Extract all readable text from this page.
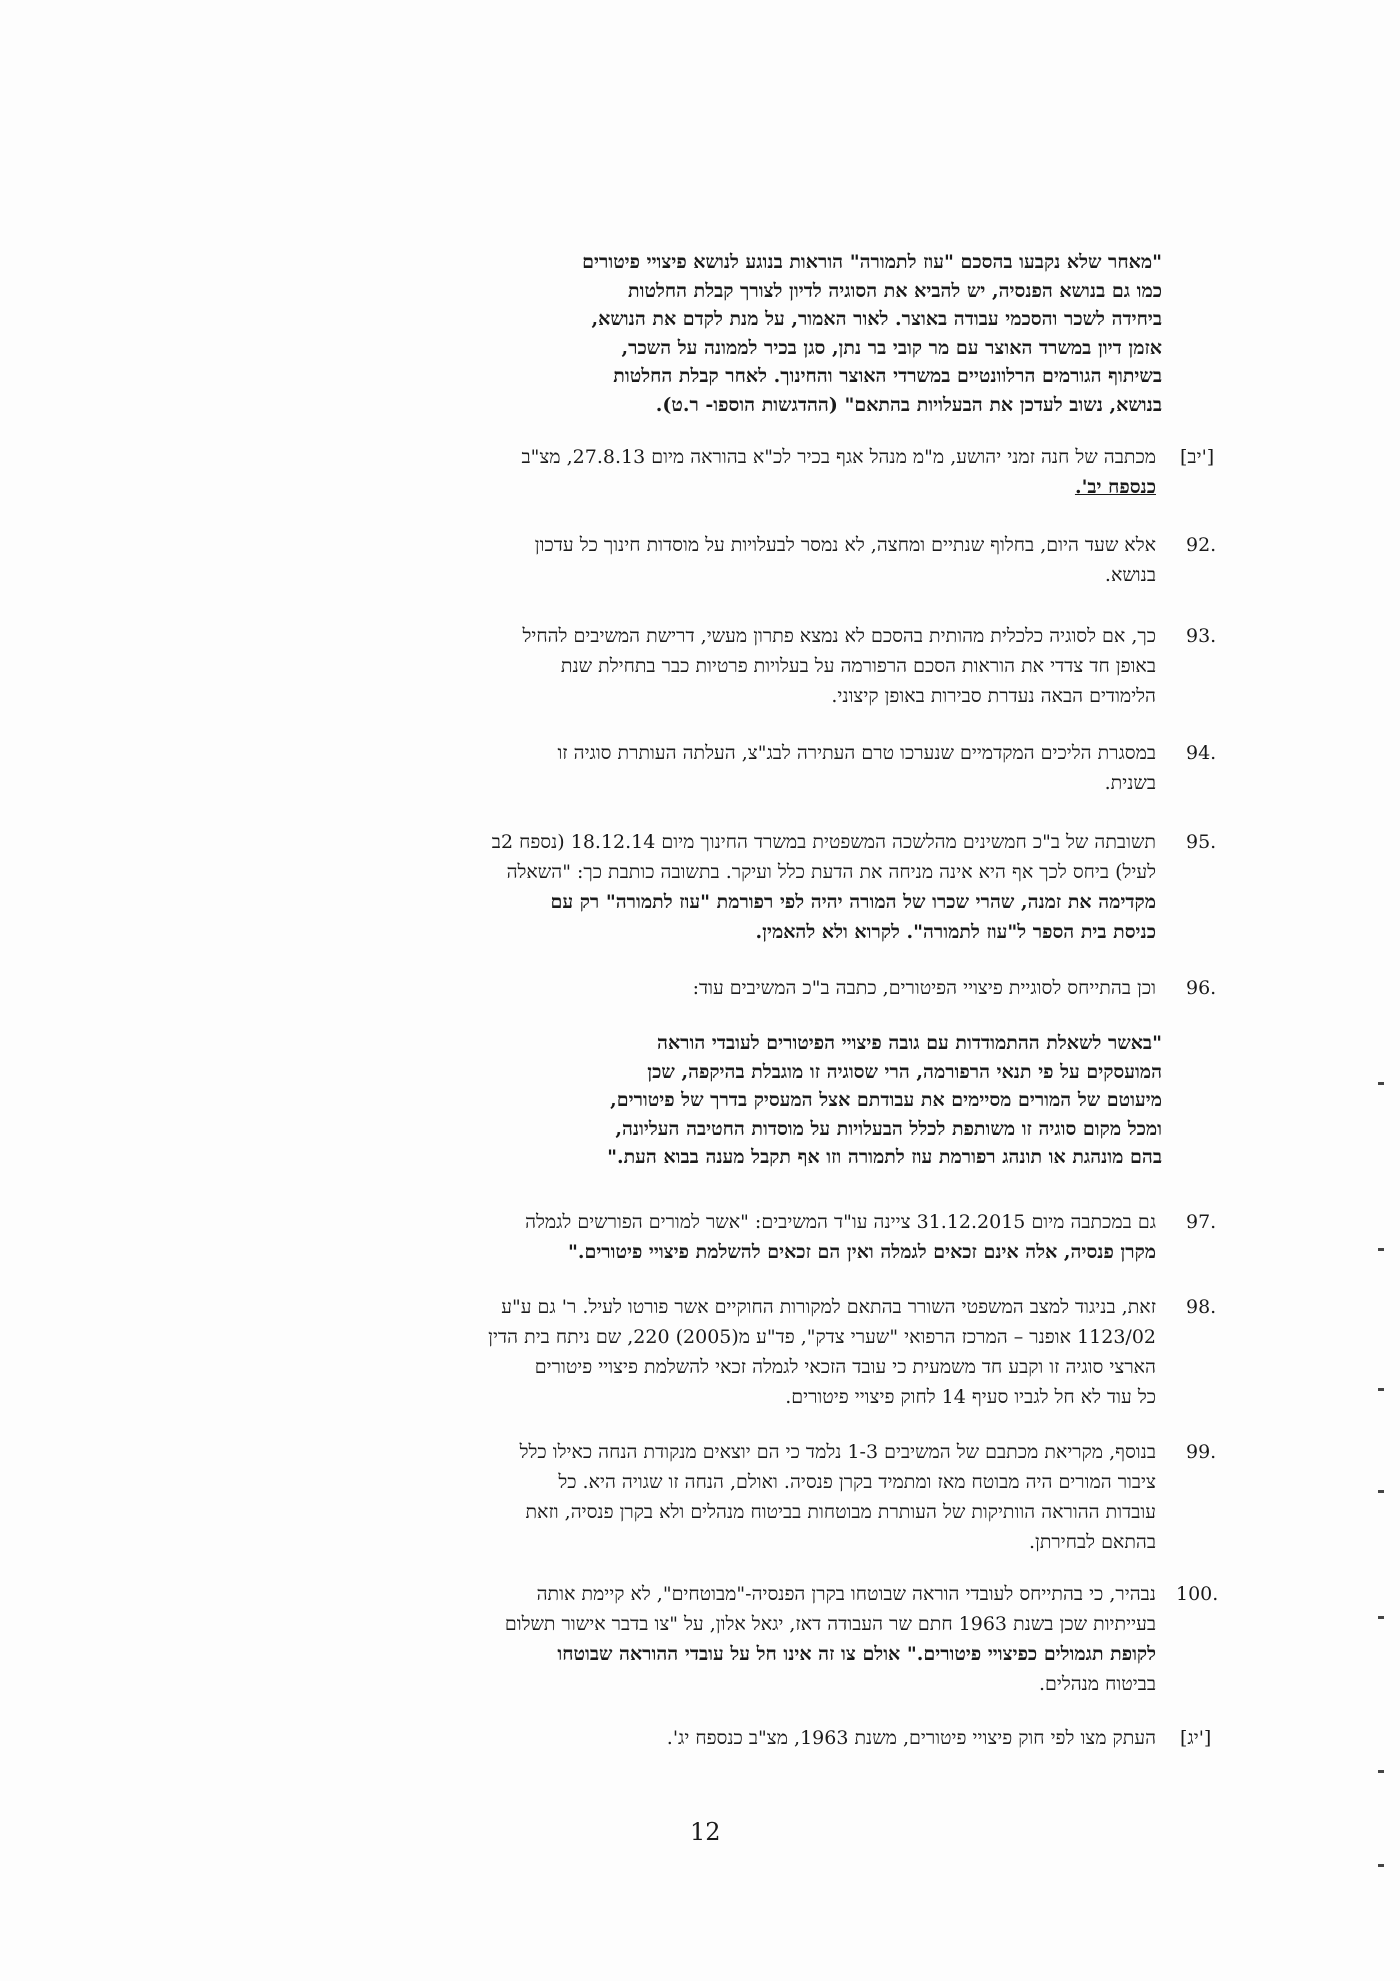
"מאחר שלא נקבעו בהסכם "עוז לתמורה" הוראות בנוגע לנושא פיצויי פיטורים
כמו גם בנושא הפנסיה, יש להביא את הסוגיה לדיון לצורך קבלת החלטות
ביחידה לשכר והסכמי עבודה באוצר. לאור האמור, על מנת לקדם את הנושא,
אזמן דיון במשרד האוצר עם מר קובי בר נתן, סגן בכיר לממונה על השכר,
בשיתוף הגורמים הרלוונטיים במשרדי האוצר והחינוך. לאחר קבלת החלטות
בנושא, נשוב לעדכן את הבעלויות בהתאם" (ההדגשות הוספו- ר.ט).
[יב']
מכתבה של חנה זמני יהושע, מ"מ מנהל אגף בכיר לכ"א בהוראה מיום 27.8.13, מצ"ב
כנספח יב'.
92.
אלא שעד היום, בחלוף שנתיים ומחצה, לא נמסר לבעלויות על מוסדות חינוך כל עדכון
בנושא.
93.
כך, אם לסוגיה כלכלית מהותית בהסכם לא נמצא פתרון מעשי, דרישת המשיבים להחיל
באופן חד צדדי את הוראות הסכם הרפורמה על בעלויות פרטיות כבר בתחילת שנת
הלימודים הבאה נעדרת סבירות באופן קיצוני.
94.
במסגרת הליכים המקדמיים שנערכו טרם העתירה לבג"צ, העלתה העותרת סוגיה זו
בשנית.
95.
תשובתה של ב"כ חמשינים מהלשכה המשפטית במשרד החינוך מיום 18.12.14 (נספח 2ב
לעיל) ביחס לכך אף היא אינה מניחה את הדעת כלל ועיקר. בתשובה כותבת כך: "השאלה
מקדימה את זמנה, שהרי שכרו של המורה יהיה לפי רפורמת "עוז לתמורה" רק עם
כניסת בית הספר ל"עוז לתמורה". לקרוא ולא להאמין.
96.
וכן בהתייחס לסוגיית פיצויי הפיטורים, כתבה ב"כ המשיבים עוד:
"באשר לשאלת ההתמודדות עם גובה פיצויי הפיטורים לעובדי הוראה
המועסקים על פי תנאי הרפורמה, הרי שסוגיה זו מוגבלת בהיקפה, שכן
מיעוטם של המורים מסיימים את עבודתם אצל המעסיק בדרך של פיטורים,
ומכל מקום סוגיה זו משותפת לכלל הבעלויות על מוסדות החטיבה העליונה,
בהם מונהגת או תונהג רפורמת עוז לתמורה וזו אף תקבל מענה בבוא העת."
97.
גם במכתבה מיום 31.12.2015 ציינה עו"ד המשיבים: "אשר למורים הפורשים לגמלה
מקרן פנסיה, אלה אינם זכאים לגמלה ואין הם זכאים להשלמת פיצויי פיטורים."
98.
זאת, בניגוד למצב המשפטי השורר בהתאם למקורות החוקיים אשר פורטו לעיל. ר' גם ע"ע
1123/02 אופנר – המרכז הרפואי "שערי צדק", פד"ע מ(2005) 220, שם ניתח בית הדין
הארצי סוגיה זו וקבע חד משמעית כי עובד הזכאי לגמלה זכאי להשלמת פיצויי פיטורים
כל עוד לא חל לגביו סעיף 14 לחוק פיצויי פיטורים.
99.
בנוסף, מקריאת מכתבם של המשיבים 1-3 נלמד כי הם יוצאים מנקודת הנחה כאילו כלל
ציבור המורים היה מבוטח מאז ומתמיד בקרן פנסיה. ואולם, הנחה זו שגויה היא. כל
עובדות ההוראה הוותיקות של העותרת מבוטחות בביטוח מנהלים ולא בקרן פנסיה, וזאת
בהתאם לבחירתן.
100.
נבהיר, כי בהתייחס לעובדי הוראה שבוטחו בקרן הפנסיה-"מבוטחים", לא קיימת אותה
בעייתיות שכן בשנת 1963 חתם שר העבודה דאז, יגאל אלון, על "צו בדבר אישור תשלום
לקופת תגמולים כפיצויי פיטורים." אולם צו זה אינו חל על עובדי ההוראה שבוטחו
בביטוח מנהלים.
[יג']
העתק מצו לפי חוק פיצויי פיטורים, משנת 1963, מצ"ב כנספח יג'.
12
